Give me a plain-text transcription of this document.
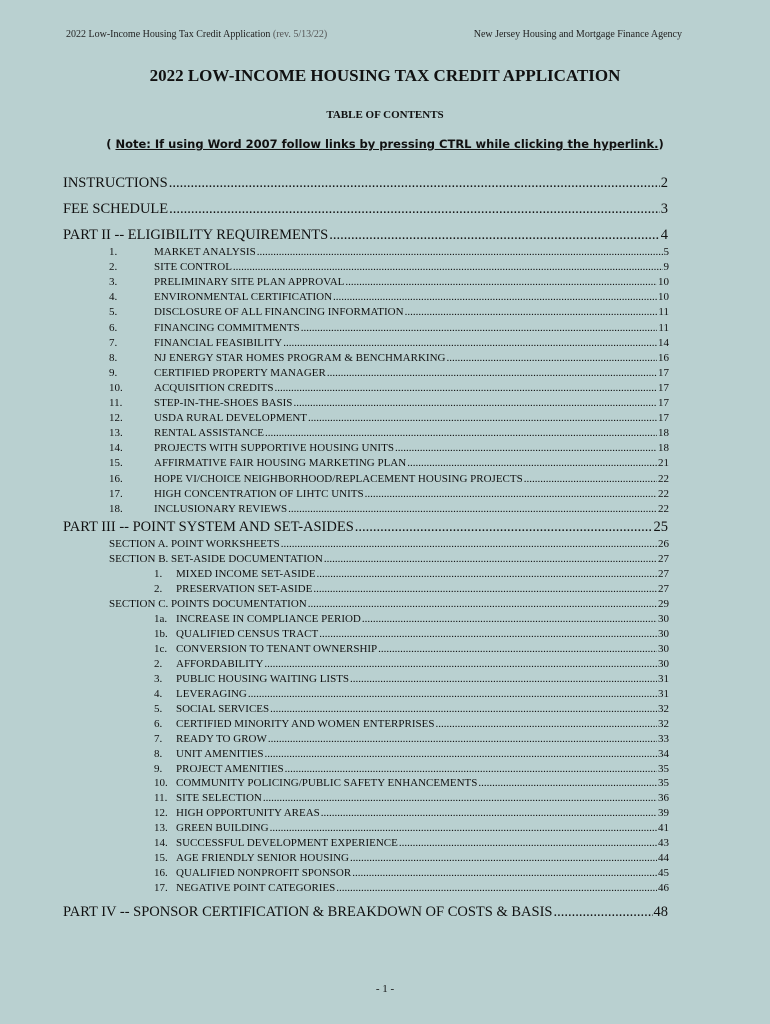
2022 Low-Income Housing Tax Credit Application (rev. 5/13/22)	New Jersey Housing and Mortgage Finance Agency
2022 LOW-INCOME HOUSING TAX CREDIT APPLICATION
TABLE OF CONTENTS
( Note: If using Word 2007 follow links by pressing CTRL while clicking the hyperlink.)
INSTRUCTIONS .....	2
FEE SCHEDULE .....	3
PART II -- ELIGIBILITY REQUIREMENTS .....	4
1.	MARKET ANALYSIS .....	5
2.	SITE CONTROL .....	9
3.	PRELIMINARY SITE PLAN APPROVAL .....	10
4.	ENVIRONMENTAL CERTIFICATION .....	10
5.	DISCLOSURE OF ALL FINANCING INFORMATION .....	11
6.	FINANCING COMMITMENTS .....	11
7.	FINANCIAL FEASIBILITY .....	14
8.	NJ ENERGY STAR HOMES PROGRAM & BENCHMARKING .....	16
9.	CERTIFIED PROPERTY MANAGER .....	17
10.	ACQUISITION CREDITS .....	17
11.	STEP-IN-THE-SHOES BASIS .....	17
12.	USDA RURAL DEVELOPMENT .....	17
13.	RENTAL ASSISTANCE .....	18
14.	PROJECTS WITH SUPPORTIVE HOUSING UNITS .....	18
15.	AFFIRMATIVE FAIR HOUSING MARKETING PLAN .....	21
16.	HOPE VI/CHOICE NEIGHBORHOOD/REPLACEMENT HOUSING PROJECTS .....	22
17.	HIGH CONCENTRATION OF LIHTC UNITS .....	22
18.	INCLUSIONARY REVIEWS .....	22
PART III -- POINT SYSTEM AND SET-ASIDES .....	25
SECTION A. POINT WORKSHEETS .....	26
SECTION B. SET-ASIDE DOCUMENTATION .....	27
1. MIXED INCOME SET-ASIDE .....	27
2. PRESERVATION SET-ASIDE .....	27
SECTION C. POINTS DOCUMENTATION .....	29
1a. INCREASE IN COMPLIANCE PERIOD .....	30
1b. QUALIFIED CENSUS TRACT .....	30
1c. CONVERSION TO TENANT OWNERSHIP .....	30
2. AFFORDABILITY .....	30
3. PUBLIC HOUSING WAITING LISTS .....	31
4. LEVERAGING .....	31
5. SOCIAL SERVICES .....	32
6. CERTIFIED MINORITY AND WOMEN ENTERPRISES .....	32
7. READY TO GROW .....	33
8. UNIT AMENITIES .....	34
9. PROJECT AMENITIES .....	35
10. COMMUNITY POLICING/PUBLIC SAFETY ENHANCEMENTS .....	35
11. SITE SELECTION .....	36
12. HIGH OPPORTUNITY AREAS .....	39
13. GREEN BUILDING .....	41
14. SUCCESSFUL DEVELOPMENT EXPERIENCE .....	43
15. AGE FRIENDLY SENIOR HOUSING .....	44
16. QUALIFIED NONPROFIT SPONSOR .....	45
17. NEGATIVE POINT CATEGORIES .....	46
PART IV -- SPONSOR CERTIFICATION & BREAKDOWN OF COSTS & BASIS .....	48
- 1 -
